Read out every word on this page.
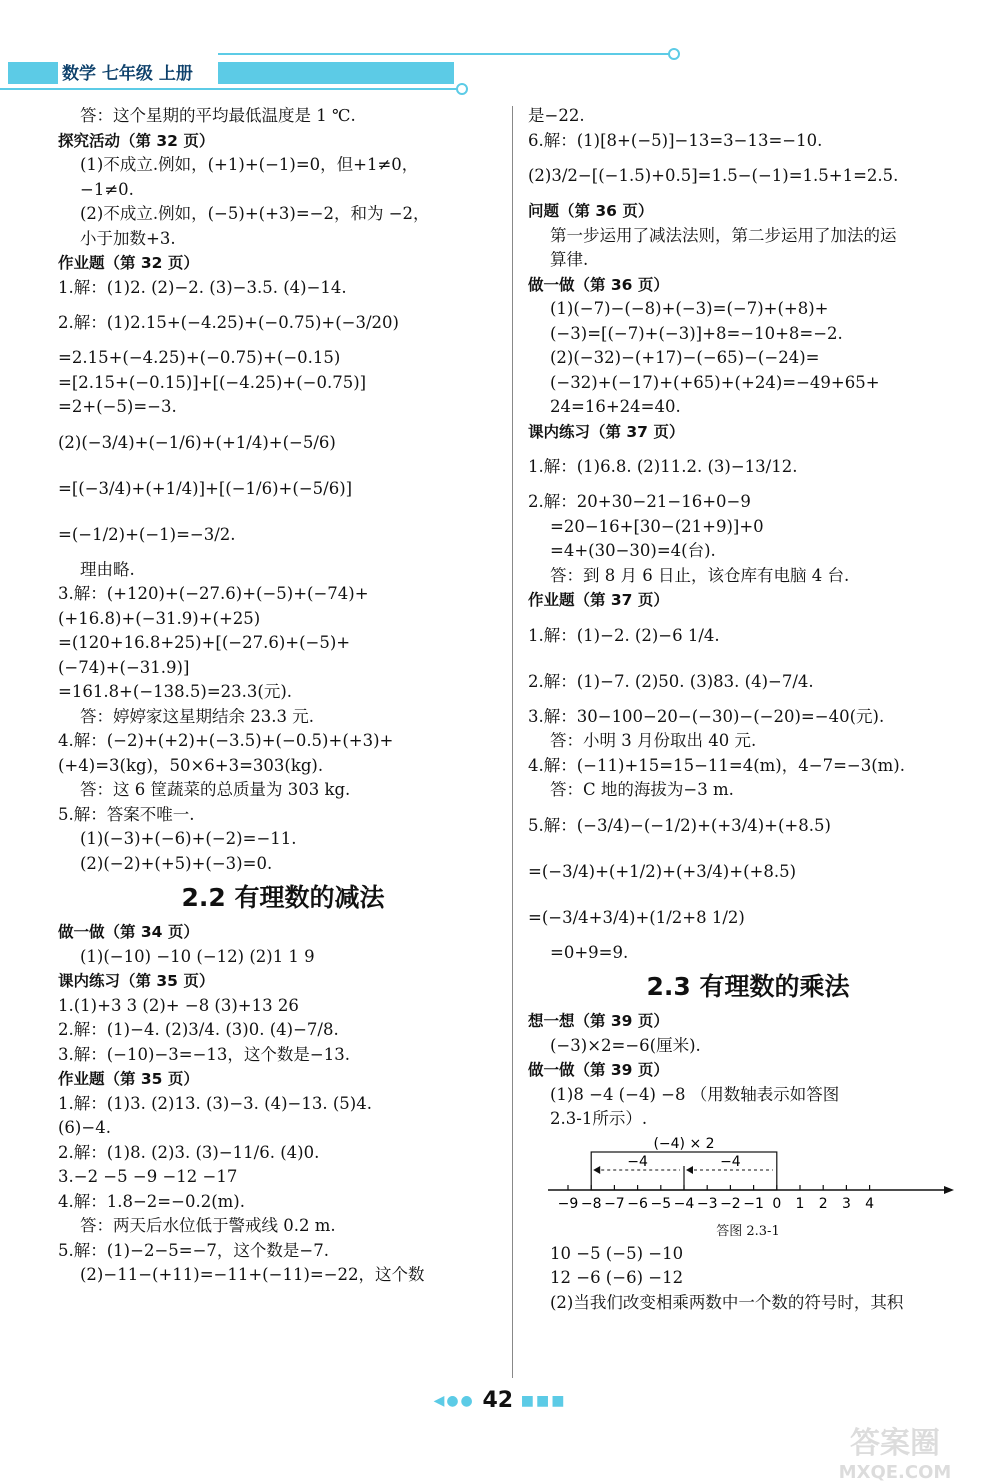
数学 七年级 上册
答：这个星期的平均最低温度是 1 ℃.
探究活动（第 32 页）
(1)不成立.例如，(+1)+(−1)=0，但+1≠0，
−1≠0.
(2)不成立.例如，(−5)+(+3)=−2，和为 −2，
小于加数+3.
作业题（第 32 页）
1.解：(1)2. (2)−2. (3)−3.5. (4)−14.
2.解：(1)2.15+(−4.25)+(−0.75)+(−3/20)
=2.15+(−4.25)+(−0.75)+(−0.15)
=[2.15+(−0.15)]+[(−4.25)+(−0.75)]
=2+(−5)=−3.
(2)(−3/4)+(−1/6)+(+1/4)+(−5/6)
=[(−3/4)+(+1/4)]+[(−1/6)+(−5/6)]
=(−1/2)+(−1)=−3/2.
理由略.
3.解：(+120)+(−27.6)+(−5)+(−74)+
(+16.8)+(−31.9)+(+25)
=(120+16.8+25)+[(−27.6)+(−5)+
(−74)+(−31.9)]
=161.8+(−138.5)=23.3(元).
答：婷婷家这星期结余 23.3 元.
4.解：(−2)+(+2)+(−3.5)+(−0.5)+(+3)+
(+4)=3(kg)，50×6+3=303(kg).
答：这 6 筐蔬菜的总质量为 303 kg.
5.解：答案不唯一.
(1)(−3)+(−6)+(−2)=−11.
(2)(−2)+(+5)+(−3)=0.
2.2 有理数的减法
做一做（第 34 页）
(1)(−10) −10 (−12) (2)1 1 9
课内练习（第 35 页）
1.(1)+3 3 (2)+ −8 (3)+13 26
2.解：(1)−4. (2)3/4. (3)0. (4)−7/8.
3.解：(−10)−3=−13，这个数是−13.
作业题（第 35 页）
1.解：(1)3. (2)13. (3)−3. (4)−13. (5)4.
(6)−4.
2.解：(1)8. (2)3. (3)−11/6. (4)0.
3.−2 −5 −9 −12 −17
4.解：1.8−2=−0.2(m).
答：两天后水位低于警戒线 0.2 m.
5.解：(1)−2−5=−7，这个数是−7.
(2)−11−(+11)=−11+(−11)=−22，这个数
是−22.
6.解：(1)[8+(−5)]−13=3−13=−10.
(2)3/2−[(−1.5)+0.5]=1.5−(−1)=1.5+1=2.5.
问题（第 36 页）
第一步运用了减法法则，第二步运用了加法的运
算律.
做一做（第 36 页）
(1)(−7)−(−8)+(−3)=(−7)+(+8)+
(−3)=[(−7)+(−3)]+8=−10+8=−2.
(2)(−32)−(+17)−(−65)−(−24)=
(−32)+(−17)+(+65)+(+24)=−49+65+
24=16+24=40.
课内练习（第 37 页）
1.解：(1)6.8. (2)11.2. (3)−13/12.
2.解：20+30−21−16+0−9
=20−16+[30−(21+9)]+0
=4+(30−30)=4(台).
答：到 8 月 6 日止，该仓库有电脑 4 台.
作业题（第 37 页）
1.解：(1)−2. (2)−6 1/4.
2.解：(1)−7. (2)50. (3)83. (4)−7/4.
3.解：30−100−20−(−30)−(−20)=−40(元).
答：小明 3 月份取出 40 元.
4.解：(−11)+15=15−11=4(m)，4−7=−3(m).
答：C 地的海拔为−3 m.
5.解：(−3/4)−(−1/2)+(+3/4)+(+8.5)
=(−3/4)+(+1/2)+(+3/4)+(+8.5)
=(−3/4+3/4)+(1/2+8 1/2)
=0+9=9.
2.3 有理数的乘法
想一想（第 39 页）
(−3)×2=−6(厘米).
做一做（第 39 页）
(1)8 −4 (−4) −8 （用数轴表示如答图
2.3-1所示）.
−9 −8 −7 −6 −5 −4 −3 −2 −1 0 1 2 3 4
(−4) × 2
−4	−4
答图 2.3-1
10 −5 (−5) −10
12 −6 (−6) −12
(2)当我们改变相乘两数中一个数的符号时，其积
◀●● 42 ■■■
答案圈
MXQE.COM
